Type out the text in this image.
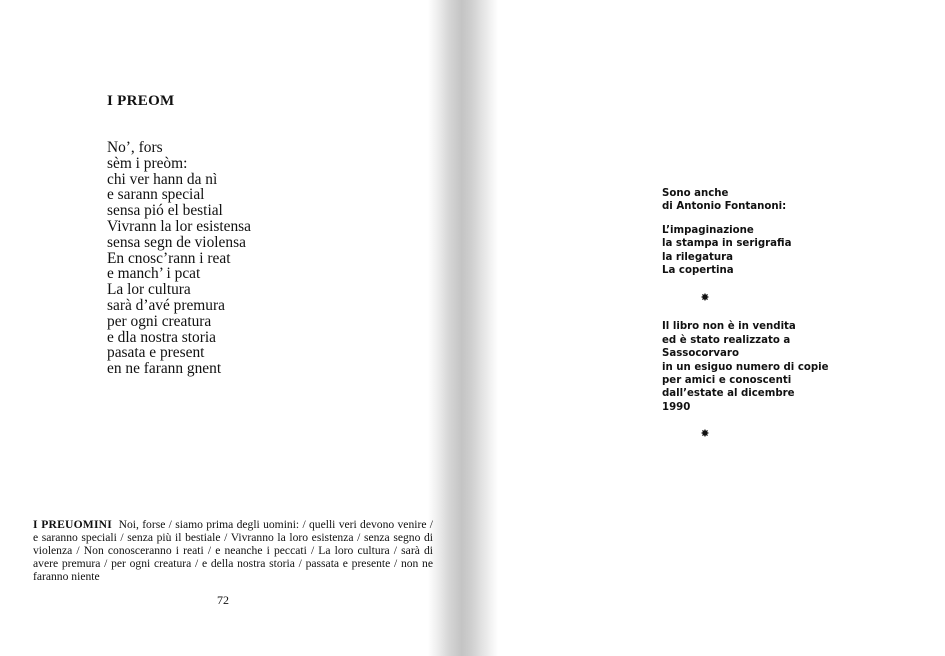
I PREOM
No’, fors
sèm i preòm:
chi ver hann da nì
e sarann special
sensa pió el bestial
Vivrann la lor esistensa
sensa segn de violensa
En cnosc’rann i reat
e manch’ i pcat
La lor cultura
sarà d’avé premura
per ogni creatura
e dla nostra storia
pasata e present
en ne farann gnent
I PREUOMINI Noi, forse / siamo prima degli uomini: / quelli veri devono venire / e saranno speciali / senza più il bestiale / Vivranno la loro esistenza / senza segno di violenza / Non conosceranno i reati / e neanche i peccati / La loro cultura / sarà di avere premura / per ogni creatura / e della nostra storia / passata e presente / non ne faranno niente
72
Sono anche
di Antonio Fontanoni:
L’impaginazione
la stampa in serigrafia
la rilegatura
La copertina
Il libro non è in vendita
ed è stato realizzato a
Sassocorvaro
in un esiguo numero di copie
per amici e conoscenti
dall’estate al dicembre
1990
✸
✸
